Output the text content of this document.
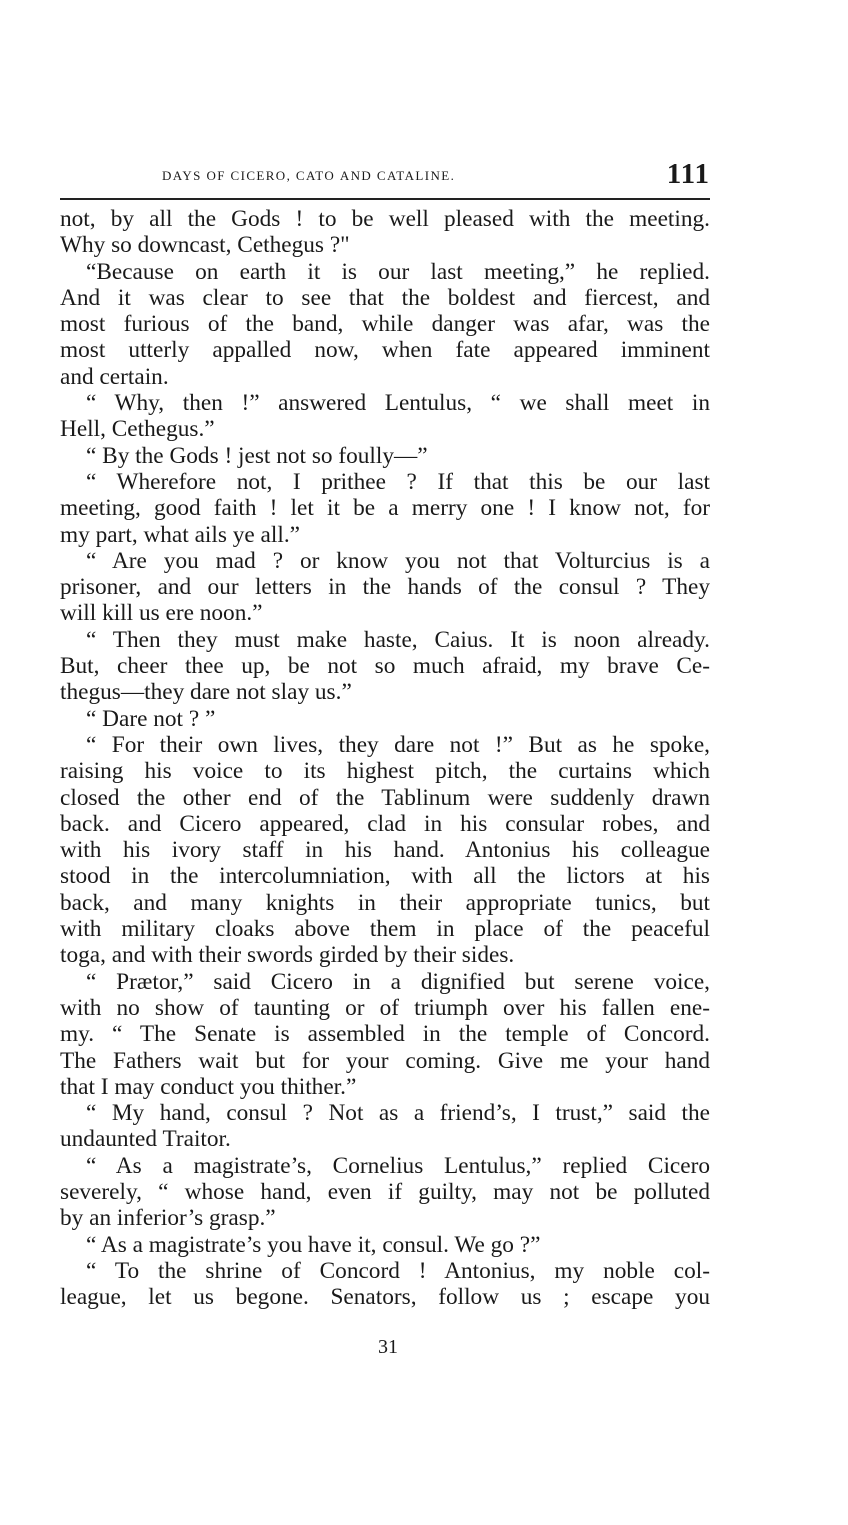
days of cicero, cato and cataline.	111
not, by all the Gods ! to be well pleased with the meeting.
Why so downcast, Cethegus ?"
“Because on earth it is our last meeting,” he replied.
And it was clear to see that the boldest and fiercest, and
most furious of the band, while danger was afar, was the
most utterly appalled now, when fate appeared imminent
and certain.
“ Why, then !” answered Lentulus, “ we shall meet in
Hell, Cethegus.”
“ By the Gods ! jest not so foully—”
“ Wherefore not, I prithee ? If that this be our last
meeting, good faith ! let it be a merry one ! I know not, for
my part, what ails ye all.”
“ Are you mad ? or know you not that Volturcius is a
prisoner, and our letters in the hands of the consul ? They
will kill us ere noon.”
“ Then they must make haste, Caius. It is noon already.
But, cheer thee up, be not so much afraid, my brave Ce-
thegus—they dare not slay us.”
“ Dare not ? ”
“ For their own lives, they dare not !” But as he spoke,
raising his voice to its highest pitch, the curtains which
closed the other end of the Tablinum were suddenly drawn
back. and Cicero appeared, clad in his consular robes, and
with his ivory staff in his hand. Antonius his colleague
stood in the intercolumniation, with all the lictors at his
back, and many knights in their appropriate tunics, but
with military cloaks above them in place of the peaceful
toga, and with their swords girded by their sides.
“ Prætor,” said Cicero in a dignified but serene voice,
with no show of taunting or of triumph over his fallen ene-
my. “ The Senate is assembled in the temple of Concord.
The Fathers wait but for your coming. Give me your hand
that I may conduct you thither.”
“ My hand, consul ? Not as a friend’s, I trust,” said the
undaunted Traitor.
“ As a magistrate’s, Cornelius Lentulus,” replied Cicero
severely, “ whose hand, even if guilty, may not be polluted
by an inferior’s grasp.”
“ As a magistrate’s you have it, consul. We go ?”
“ To the shrine of Concord ! Antonius, my noble col-
league, let us begone. Senators, follow us ; escape you
31
